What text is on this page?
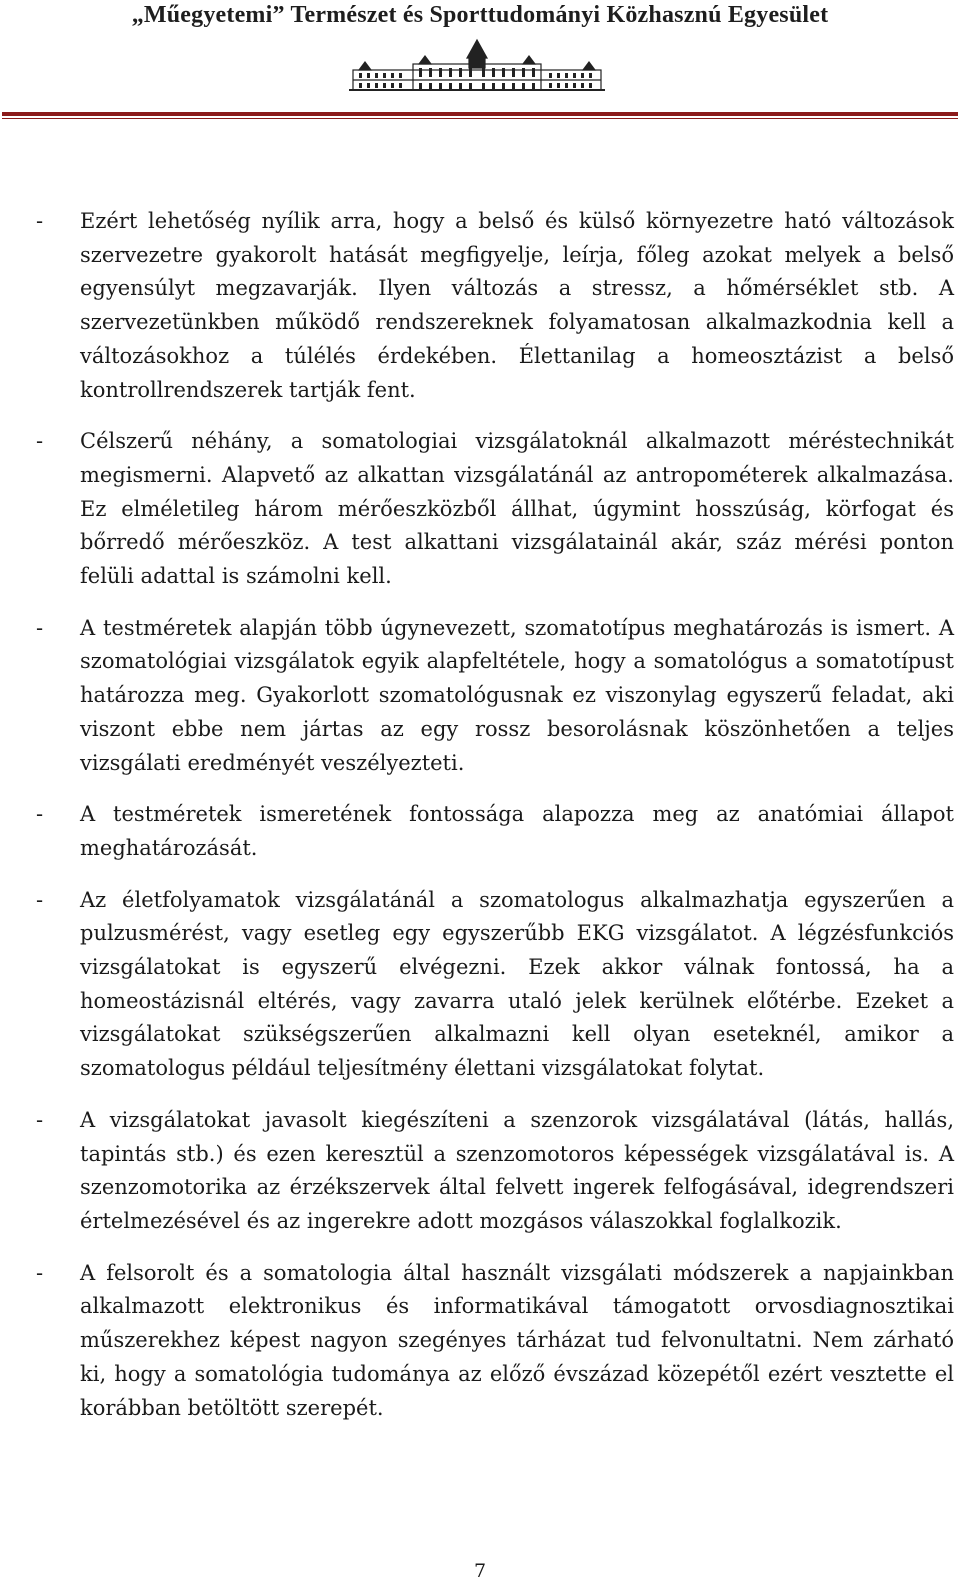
„Műegyetemi” Természet és Sporttudományi Közhasznú Egyesület
-	Ezért lehetőség nyílik arra, hogy a belső és külső környezetre ható változások szervezetre gyakorolt hatását megfigyelje, leírja, főleg azokat melyek a belső egyensúlyt megzavarják. Ilyen változás a stressz, a hőmérséklet stb. A szervezetünkben működő rendszereknek folyamatosan alkalmazkodnia kell a változásokhoz a túlélés érdekében. Élettanilag a homeosztázist a belső kontrollrendszerek tartják fent.

-	Célszerű néhány, a somatologiai vizsgálatoknál alkalmazott méréstechnikát megismerni. Alapvető az alkattan vizsgálatánál az antropométerek alkalmazása. Ez elméletileg három mérőeszközből állhat, úgymint hosszúság, körfogat és bőrredő mérőeszköz. A test alkattani vizsgálatainál akár, száz mérési ponton felüli adattal is számolni kell.

-	A testméretek alapján több úgynevezett, szomatotípus meghatározás is ismert. A szomatológiai vizsgálatok egyik alapfeltétele, hogy a somatológus a somatotípust határozza meg. Gyakorlott szomatológusnak ez viszonylag egyszerű feladat, aki viszont ebbe nem jártas az egy rossz besorolásnak köszönhetően a teljes vizsgálati eredményét veszélyezteti.

-	A testméretek ismeretének fontossága alapozza meg az anatómiai állapot meghatározását.

-	Az életfolyamatok vizsgálatánál a szomatologus alkalmazhatja egyszerűen a pulzusmérést, vagy esetleg egy egyszerűbb EKG vizsgálatot. A légzésfunkciós vizsgálatokat is egyszerű elvégezni. Ezek akkor válnak fontossá, ha a homeostázisnál eltérés, vagy zavarra utaló jelek kerülnek előtérbe. Ezeket a vizsgálatokat szükségszerűen alkalmazni kell olyan eseteknél, amikor a szomatologus például teljesítmény élettani vizsgálatokat folytat.

-	A vizsgálatokat javasolt kiegészíteni a szenzorok vizsgálatával (látás, hallás, tapintás stb.) és ezen keresztül a szenzomotoros képességek vizsgálatával is. A szenzomotorika az érzékszervek által felvett ingerek felfogásával, idegrendszeri értelmezésével és az ingerekre adott mozgásos válaszokkal foglalkozik.

-	A felsorolt és a somatologia által használt vizsgálati módszerek a napjainkban alkalmazott elektronikus és informatikával támogatott orvosdiagnosztikai műszerekhez képest nagyon szegényes tárházat tud felvonultatni. Nem zárható ki, hogy a somatológia tudománya az előző évszázad közepétől ezért vesztette el korábban betöltött szerepét.

7
